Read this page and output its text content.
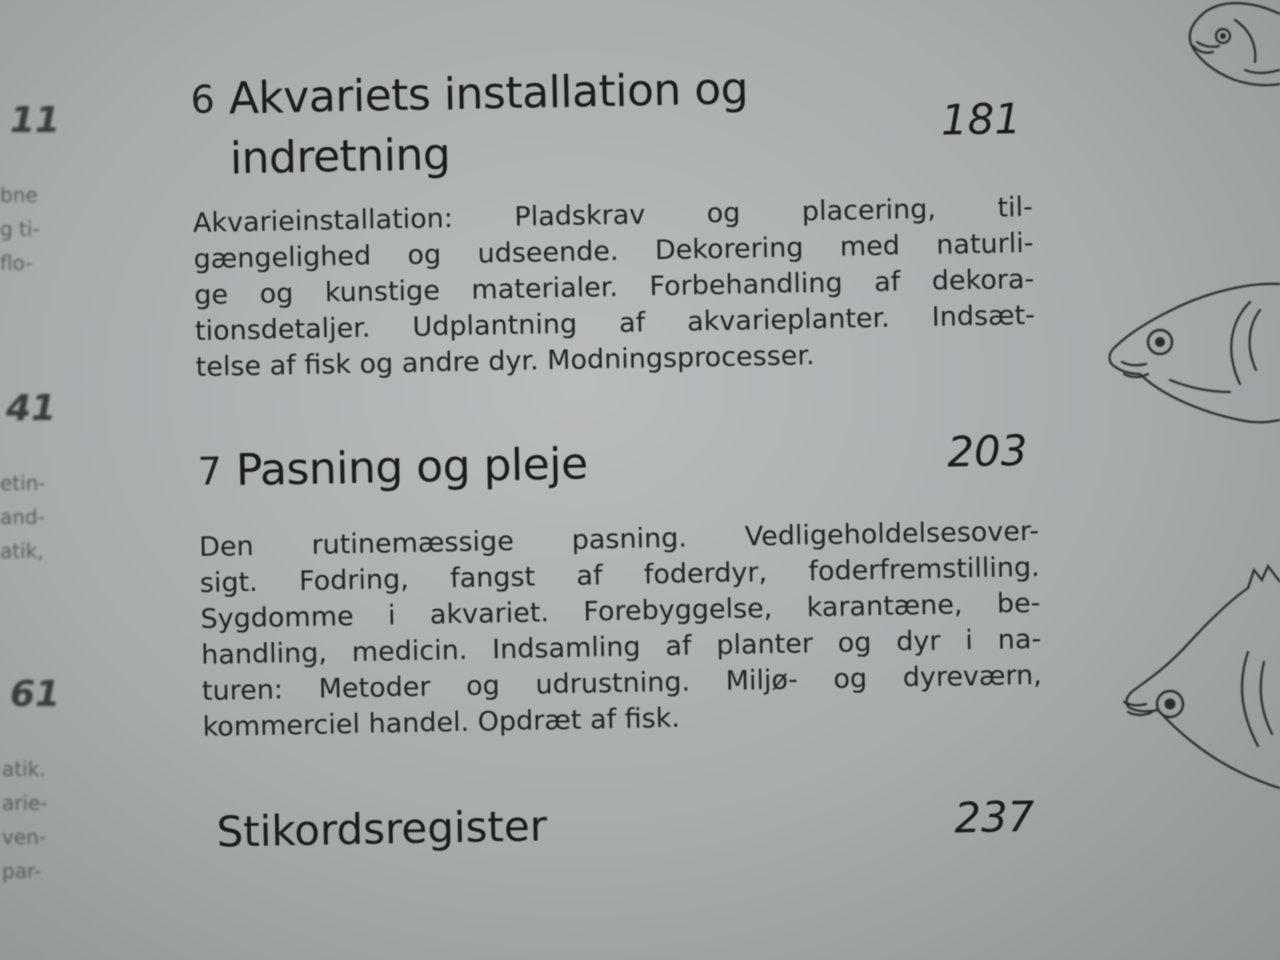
11
bne
g ti-
flo-
41
etin-
and-
atik,
61
atik.
arie-
ven-
par-
6 Akvariets installation og
indretning
181
Akvarieinstallation: Pladskrav og placering, til-
gængelighed og udseende. Dekorering med naturli-
ge og kunstige materialer. Forbehandling af dekora-
tionsdetaljer. Udplantning af akvarieplanter. Indsæt-
telse af fisk og andre dyr. Modningsprocesser.
7 Pasning og pleje	203
Den rutinemæssige pasning. Vedligeholdelsesover-
sigt. Fodring, fangst af foderdyr, foderfremstilling.
Sygdomme i akvariet. Forebyggelse, karantæne, be-
handling, medicin. Indsamling af planter og dyr i na-
turen: Metoder og udrustning. Miljø- og dyreværn,
kommerciel handel. Opdræt af fisk.
Stikordsregister	237
